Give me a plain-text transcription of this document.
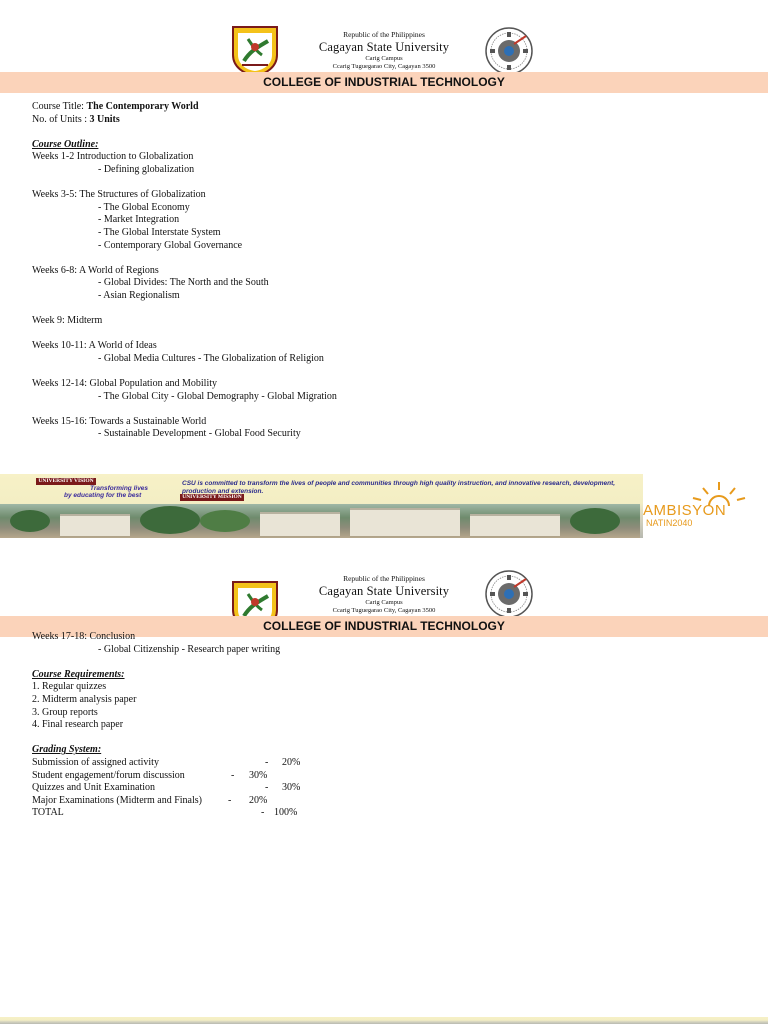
Republic of the Philippines
Cagayan State University
Carig Campus
Ccarig Tuguegarao City, Cagayan 3500
COLLEGE OF INDUSTRIAL TECHNOLOGY
Course Title: The Contemporary World
No. of Units : 3 Units
Course Outline:
Weeks 1-2 Introduction to Globalization
- Defining globalization
Weeks 3-5: The Structures of Globalization
- The Global Economy
- Market Integration
- The Global Interstate System
- Contemporary Global Governance
Weeks 6-8: A World of Regions
- Global Divides: The North and the South
- Asian Regionalism
Week 9: Midterm
Weeks 10-11: A World of Ideas
- Global Media Cultures - The Globalization of Religion
Weeks 12-14: Global Population and Mobility
- The Global City - Global Demography - Global Migration
Weeks 15-16: Towards a Sustainable World
- Sustainable Development - Global Food Security
UNIVERSITY VISION
Transforming lives
by educating for the best
CSU is committed to transform the lives of people and communities through high quality instruction, and innovative research, development, production and extension.
UNIVERSITY MISSION
AMBISYON
NATIN2040
Republic of the Philippines
Cagayan State University
Carig Campus
Ccarig Tuguegarao City, Cagayan 3500
COLLEGE OF INDUSTRIAL TECHNOLOGY
Weeks 17-18: Conclusion
- Global Citizenship - Research paper writing
Course Requirements:
1. Regular quizzes
2. Midterm analysis paper
3. Group reports
4. Final research paper
Grading System:
Submission of assigned activity	- 20%
Student engagement/forum discussion	- 30%
Quizzes and Unit Examination	- 30%
Major Examinations (Midterm and Finals)	- 20%
TOTAL	- 100%
